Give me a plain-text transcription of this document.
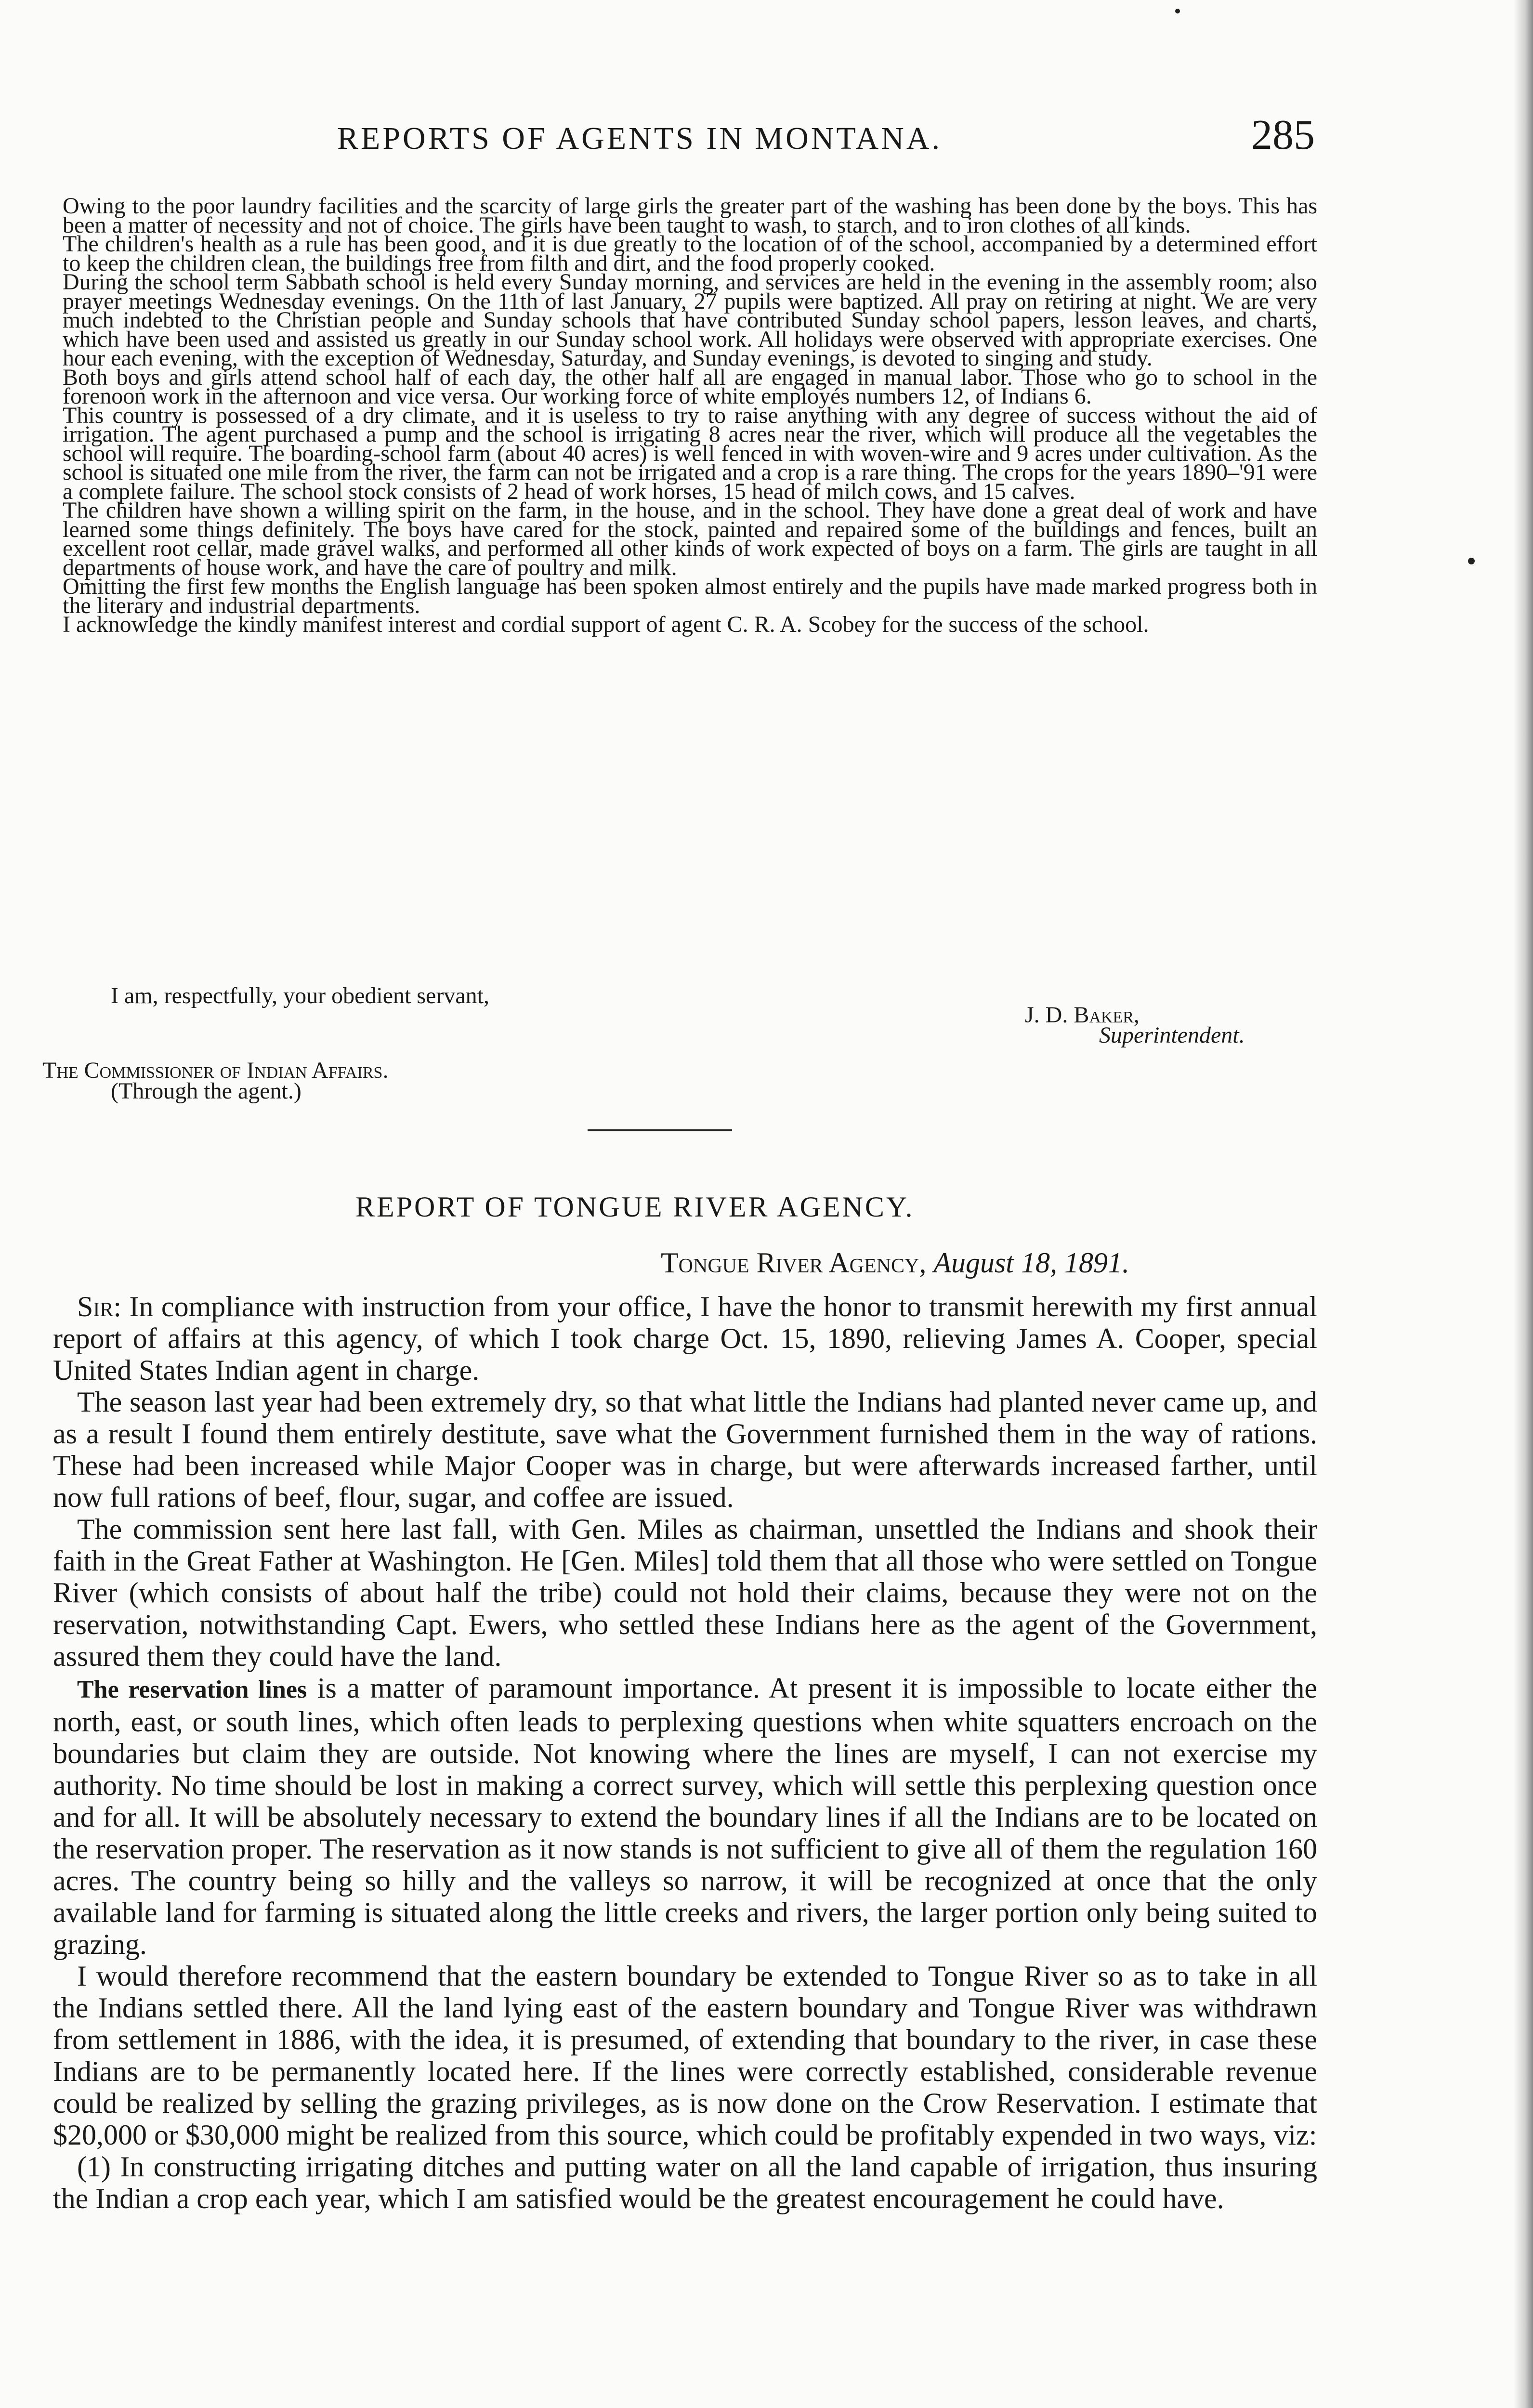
REPORTS OF AGENTS IN MONTANA.	285

Owing to the poor laundry facilities and the scarcity of large girls the greater part of the washing has been done by the boys. This has been a matter of necessity and not of choice. The girls have been taught to wash, to starch, and to iron clothes of all kinds.

The children's health as a rule has been good, and it is due greatly to the location of of the school, accompanied by a determined effort to keep the children clean, the buildings free from filth and dirt, and the food properly cooked.

During the school term Sabbath school is held every Sunday morning, and services are held in the evening in the assembly room; also prayer meetings Wednesday evenings. On the 11th of last January, 27 pupils were baptized. All pray on retiring at night. We are very much indebted to the Christian people and Sunday schools that have contributed Sunday school papers, lesson leaves, and charts, which have been used and assisted us greatly in our Sunday school work. All holidays were observed with appropriate exercises. One hour each evening, with the exception of Wednesday, Saturday, and Sunday evenings, is devoted to singing and study.

Both boys and girls attend school half of each day, the other half all are engaged in manual labor. Those who go to school in the forenoon work in the afternoon and vice versa. Our working force of white employés numbers 12, of Indians 6.

This country is possessed of a dry climate, and it is useless to try to raise anything with any degree of success without the aid of irrigation. The agent purchased a pump and the school is irrigating 8 acres near the river, which will produce all the vegetables the school will require. The boarding-school farm (about 40 acres) is well fenced in with woven-wire and 9 acres under cultivation. As the school is situated one mile from the river, the farm can not be irrigated and a crop is a rare thing. The crops for the years 1890–'91 were a complete failure. The school stock consists of 2 head of work horses, 15 head of milch cows, and 15 calves.

The children have shown a willing spirit on the farm, in the house, and in the school. They have done a great deal of work and have learned some things definitely. The boys have cared for the stock, painted and repaired some of the buildings and fences, built an excellent root cellar, made gravel walks, and performed all other kinds of work expected of boys on a farm. The girls are taught in all departments of house work, and have the care of poultry and milk.

Omitting the first few months the English language has been spoken almost entirely and the pupils have made marked progress both in the literary and industrial departments.

I acknowledge the kindly manifest interest and cordial support of agent C. R. A. Scobey for the success of the school.

I am, respectfully, your obedient servant,
J. D. Baker,
Superintendent.
The Commissioner of Indian Affairs.
(Through the agent.)
REPORT OF TONGUE RIVER AGENCY.
Tongue River Agency, August 18, 1891.

Sir: In compliance with instruction from your office, I have the honor to transmit herewith my first annual report of affairs at this agency, of which I took charge Oct. 15, 1890, relieving James A. Cooper, special United States Indian agent in charge.

The season last year had been extremely dry, so that what little the Indians had planted never came up, and as a result I found them entirely destitute, save what the Government furnished them in the way of rations. These had been increased while Major Cooper was in charge, but were afterwards increased farther, until now full rations of beef, flour, sugar, and coffee are issued.

The commission sent here last fall, with Gen. Miles as chairman, unsettled the Indians and shook their faith in the Great Father at Washington. He [Gen. Miles] told them that all those who were settled on Tongue River (which consists of about half the tribe) could not hold their claims, because they were not on the reservation, notwithstanding Capt. Ewers, who settled these Indians here as the agent of the Government, assured them they could have the land.

The reservation lines is a matter of paramount importance. At present it is impossible to locate either the north, east, or south lines, which often leads to perplexing questions when white squatters encroach on the boundaries but claim they are outside. Not knowing where the lines are myself, I can not exercise my authority. No time should be lost in making a correct survey, which will settle this perplexing question once and for all. It will be absolutely necessary to extend the boundary lines if all the Indians are to be located on the reservation proper. The reservation as it now stands is not sufficient to give all of them the regulation 160 acres. The country being so hilly and the valleys so narrow, it will be recognized at once that the only available land for farming is situated along the little creeks and rivers, the larger portion only being suited to grazing.

I would therefore recommend that the eastern boundary be extended to Tongue River so as to take in all the Indians settled there. All the land lying east of the eastern boundary and Tongue River was withdrawn from settlement in 1886, with the idea, it is presumed, of extending that boundary to the river, in case these Indians are to be permanently located here. If the lines were correctly established, considerable revenue could be realized by selling the grazing privileges, as is now done on the Crow Reservation. I estimate that $20,000 or $30,000 might be realized from this source, which could be profitably expended in two ways, viz:

(1) In constructing irrigating ditches and putting water on all the land capable of irrigation, thus insuring the Indian a crop each year, which I am satisfied would be the greatest encouragement he could have.
